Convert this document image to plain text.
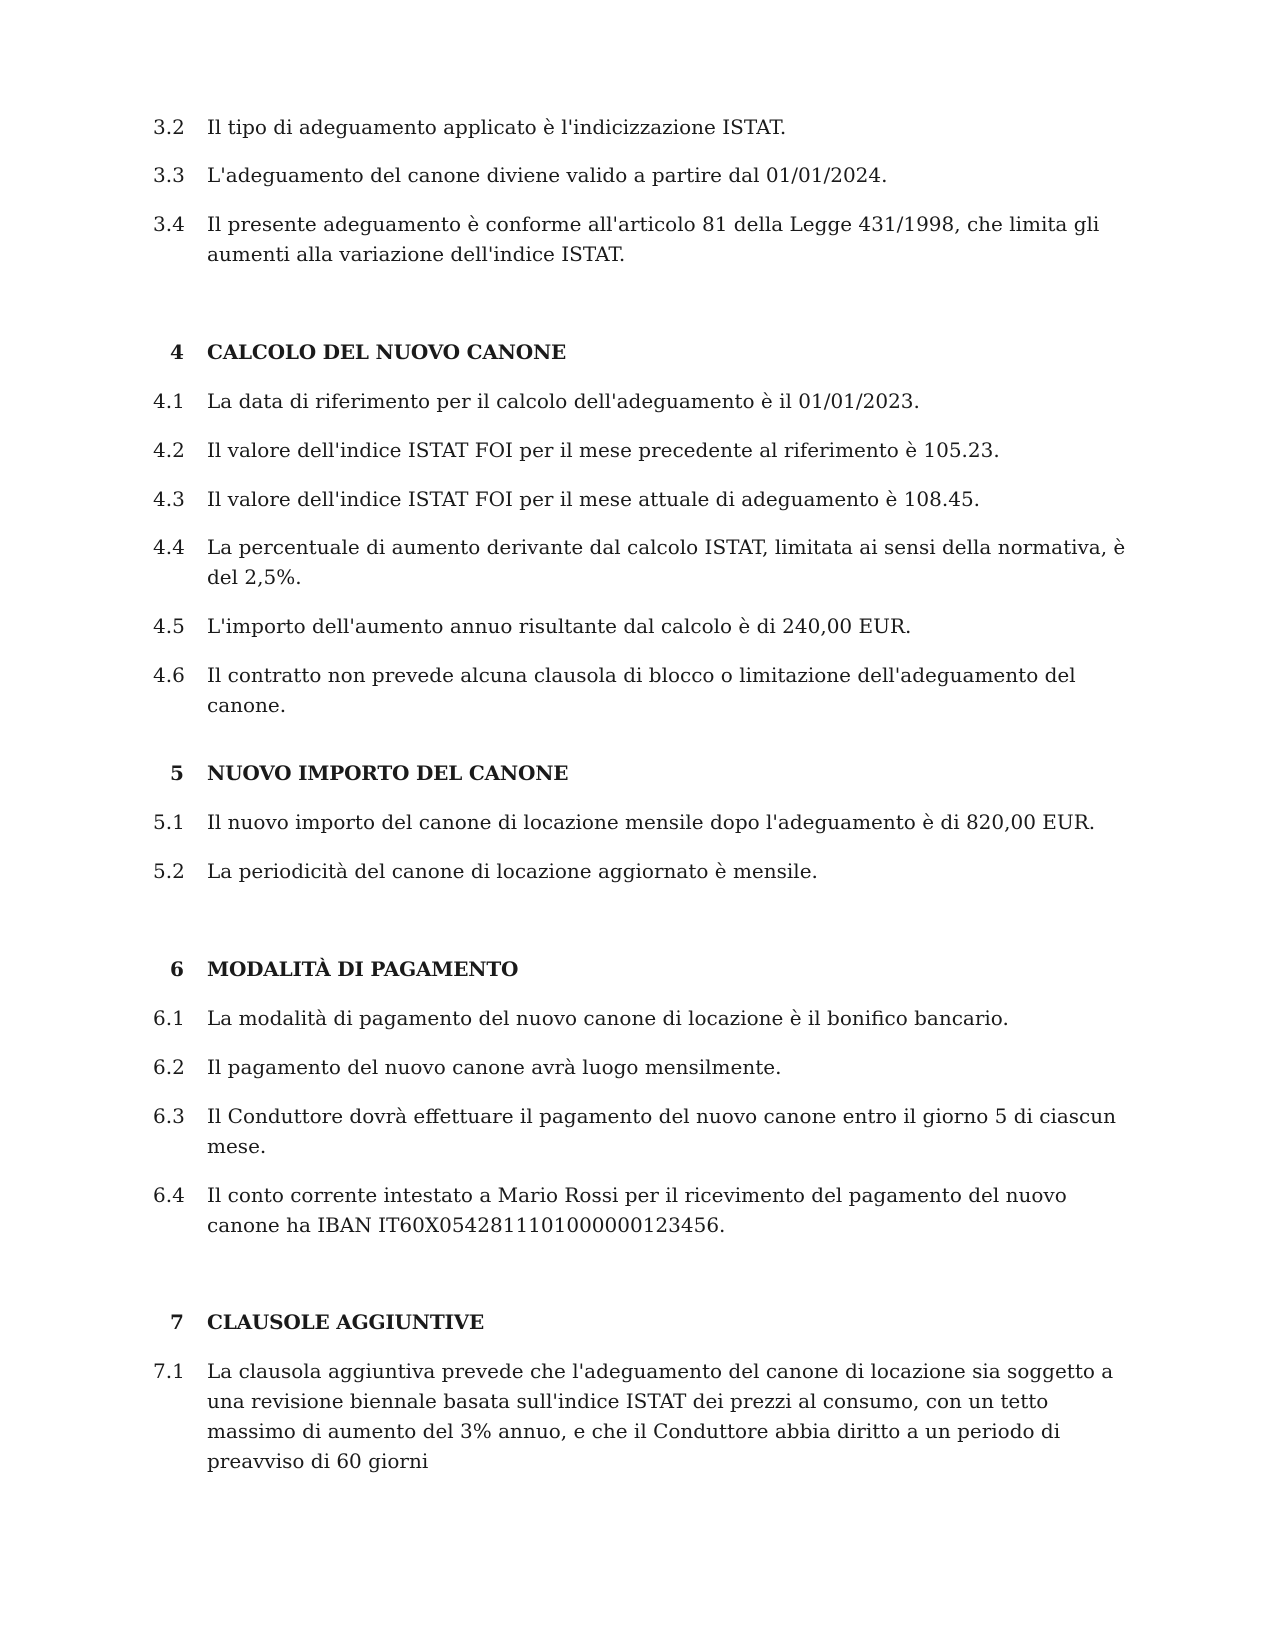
3.2	Il tipo di adeguamento applicato è l'indicizzazione ISTAT.
3.3	L'adeguamento del canone diviene valido a partire dal 01/01/2024.
3.4	Il presente adeguamento è conforme all'articolo 81 della Legge 431/1998, che limita gli aumenti alla variazione dell'indice ISTAT.
4	CALCOLO DEL NUOVO CANONE
4.1	La data di riferimento per il calcolo dell'adeguamento è il 01/01/2023.
4.2	Il valore dell'indice ISTAT FOI per il mese precedente al riferimento è 105.23.
4.3	Il valore dell'indice ISTAT FOI per il mese attuale di adeguamento è 108.45.
4.4	La percentuale di aumento derivante dal calcolo ISTAT, limitata ai sensi della normativa, è del 2,5%.
4.5	L'importo dell'aumento annuo risultante dal calcolo è di 240,00 EUR.
4.6	Il contratto non prevede alcuna clausola di blocco o limitazione dell'adeguamento del canone.
5	NUOVO IMPORTO DEL CANONE
5.1	Il nuovo importo del canone di locazione mensile dopo l'adeguamento è di 820,00 EUR.
5.2	La periodicità del canone di locazione aggiornato è mensile.
6	MODALITÀ DI PAGAMENTO
6.1	La modalità di pagamento del nuovo canone di locazione è il bonifico bancario.
6.2	Il pagamento del nuovo canone avrà luogo mensilmente.
6.3	Il Conduttore dovrà effettuare il pagamento del nuovo canone entro il giorno 5 di ciascun mese.
6.4	Il conto corrente intestato a Mario Rossi per il ricevimento del pagamento del nuovo canone ha IBAN IT60X0542811101000000123456.
7	CLAUSOLE AGGIUNTIVE
7.1	La clausola aggiuntiva prevede che l'adeguamento del canone di locazione sia soggetto a una revisione biennale basata sull'indice ISTAT dei prezzi al consumo, con un tetto massimo di aumento del 3% annuo, e che il Conduttore abbia diritto a un periodo di preavviso di 60 giorni
